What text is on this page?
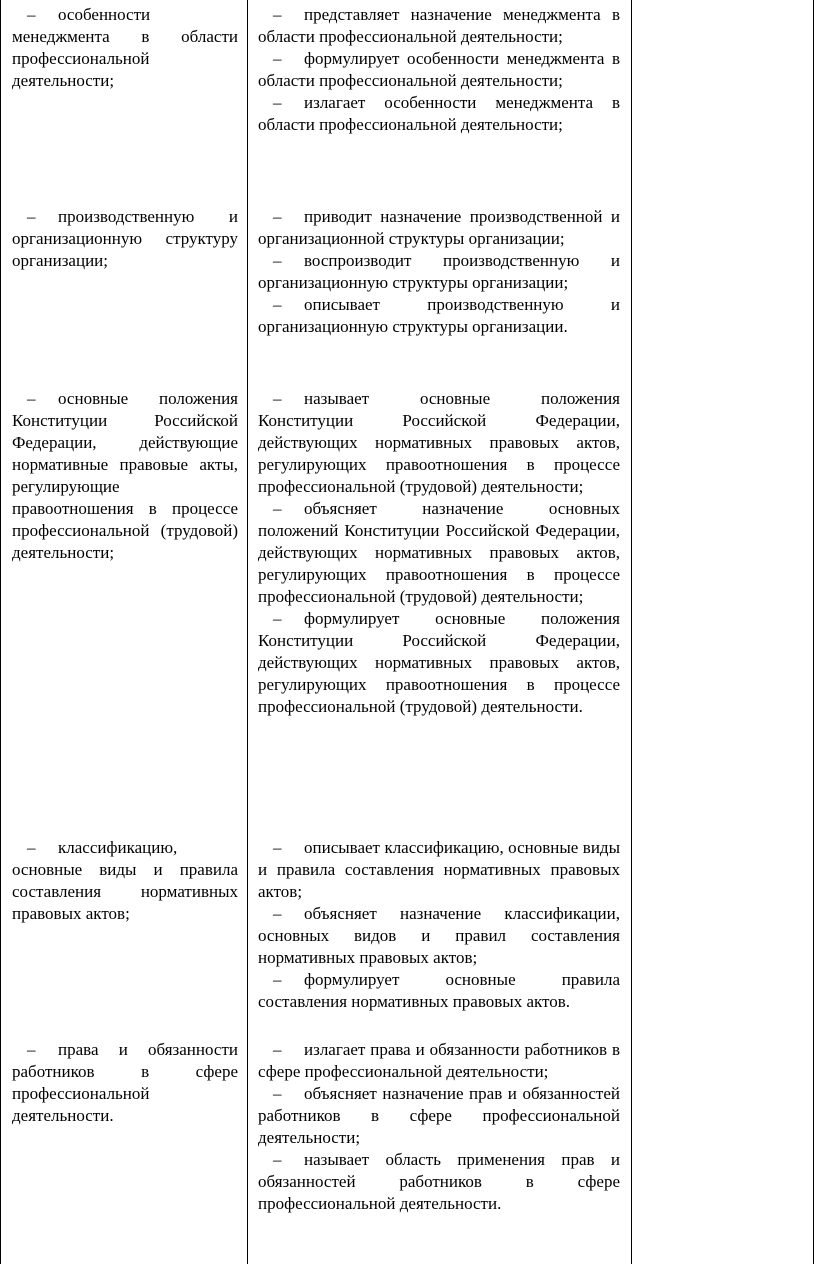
– особенности менеджмента в области профессиональной деятельности;

– производственную и организационную структуру организации;

– основные положения Конституции Российской Федерации, действующие нормативные правовые акты, регулирующие правоотношения в процессе профессиональной (трудовой) деятельности;

– классификацию, основные виды и правила составления нормативных правовых актов;

– права и обязанности работников в сфере профессиональной деятельности.

– представляет назначение менеджмента в области профессиональной деятельности;

– формулирует особенности менеджмента в области профессиональной деятельности;

– излагает особенности менеджмента в области профессиональной деятельности;

– приводит назначение производственной и организационной структуры организации;

– воспроизводит производственную и организационную структуры организации;

– описывает производственную и организационную структуры организации.

– называет основные положения Конституции Российской Федерации, действующих нормативных правовых актов, регулирующих правоотношения в процессе профессиональной (трудовой) деятельности;

– объясняет назначение основных положений Конституции Российской Федерации, действующих нормативных правовых актов, регулирующих правоотношения в процессе профессиональной (трудовой) деятельности;

– формулирует основные положения Конституции Российской Федерации, действующих нормативных правовых актов, регулирующих правоотношения в процессе профессиональной (трудовой) деятельности.

– описывает классификацию, основные виды и правила составления нормативных правовых актов;

– объясняет назначение классификации, основных видов и правил составления нормативных правовых актов;

– формулирует основные правила составления нормативных правовых актов.

– излагает права и обязанности работников в сфере профессиональной деятельности;

– объясняет назначение прав и обязанностей работников в сфере профессиональной деятельности;

– называет область применения прав и обязанностей работников в сфере профессиональной деятельности.
